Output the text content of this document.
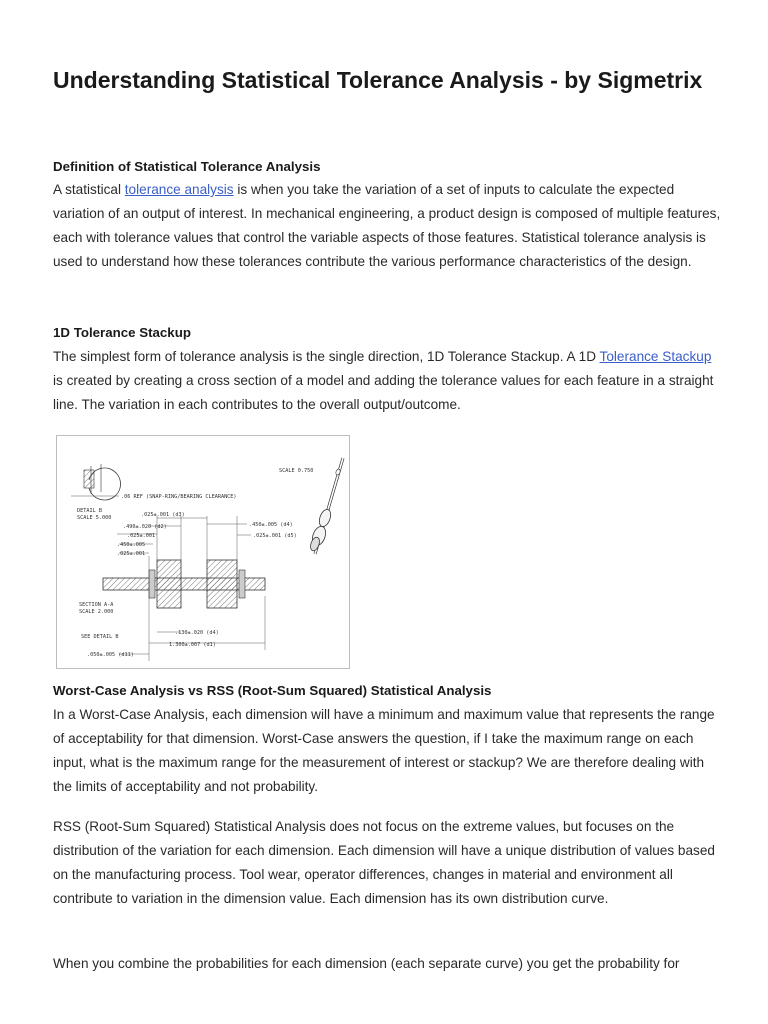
Understanding Statistical Tolerance Analysis - by Sigmetrix
Definition of Statistical Tolerance Analysis

A statistical tolerance analysis is when you take the variation of a set of inputs to calculate the expected variation of an output of interest. In mechanical engineering, a product design is composed of multiple features, each with tolerance values that control the variable aspects of those features. Statistical tolerance analysis is used to understand how these tolerances contribute the various performance characteristics of the design.

1D Tolerance Stackup

The simplest form of tolerance analysis is the single direction, 1D Tolerance Stackup. A 1D Tolerance Stackup is created by creating a cross section of a model and adding the tolerance values for each feature in a straight line. The variation in each contributes to the overall output/outcome.

SCALE 0.750
.06 REF (SNAP-RING/BEARING CLEARANCE)
DETAIL B
SCALE 5.000	.025±.001 (d3)
.490±.020 (d2)
.025±.001
.450±.005
.025±.001
.450±.005 (d4)
.025±.001 (d5)
SECTION A-A
SCALE 2.000
SEE DETAIL B
.130±.020 (d4)
1.300±.007 (d1)
.050±.005 (d11)
Worst-Case Analysis vs RSS (Root-Sum Squared) Statistical Analysis

In a Worst-Case Analysis, each dimension will have a minimum and maximum value that represents the range of acceptability for that dimension. Worst-Case answers the question, if I take the maximum range on each input, what is the maximum range for the measurement of interest or stackup? We are therefore dealing with the limits of acceptability and not probability.

RSS (Root-Sum Squared) Statistical Analysis does not focus on the extreme values, but focuses on the distribution of the variation for each dimension. Each dimension will have a unique distribution of values based on the manufacturing process. Tool wear, operator differences, changes in material and environment all contribute to variation in the dimension value. Each dimension has its own distribution curve.

When you combine the probabilities for each dimension (each separate curve) you get the probability for
